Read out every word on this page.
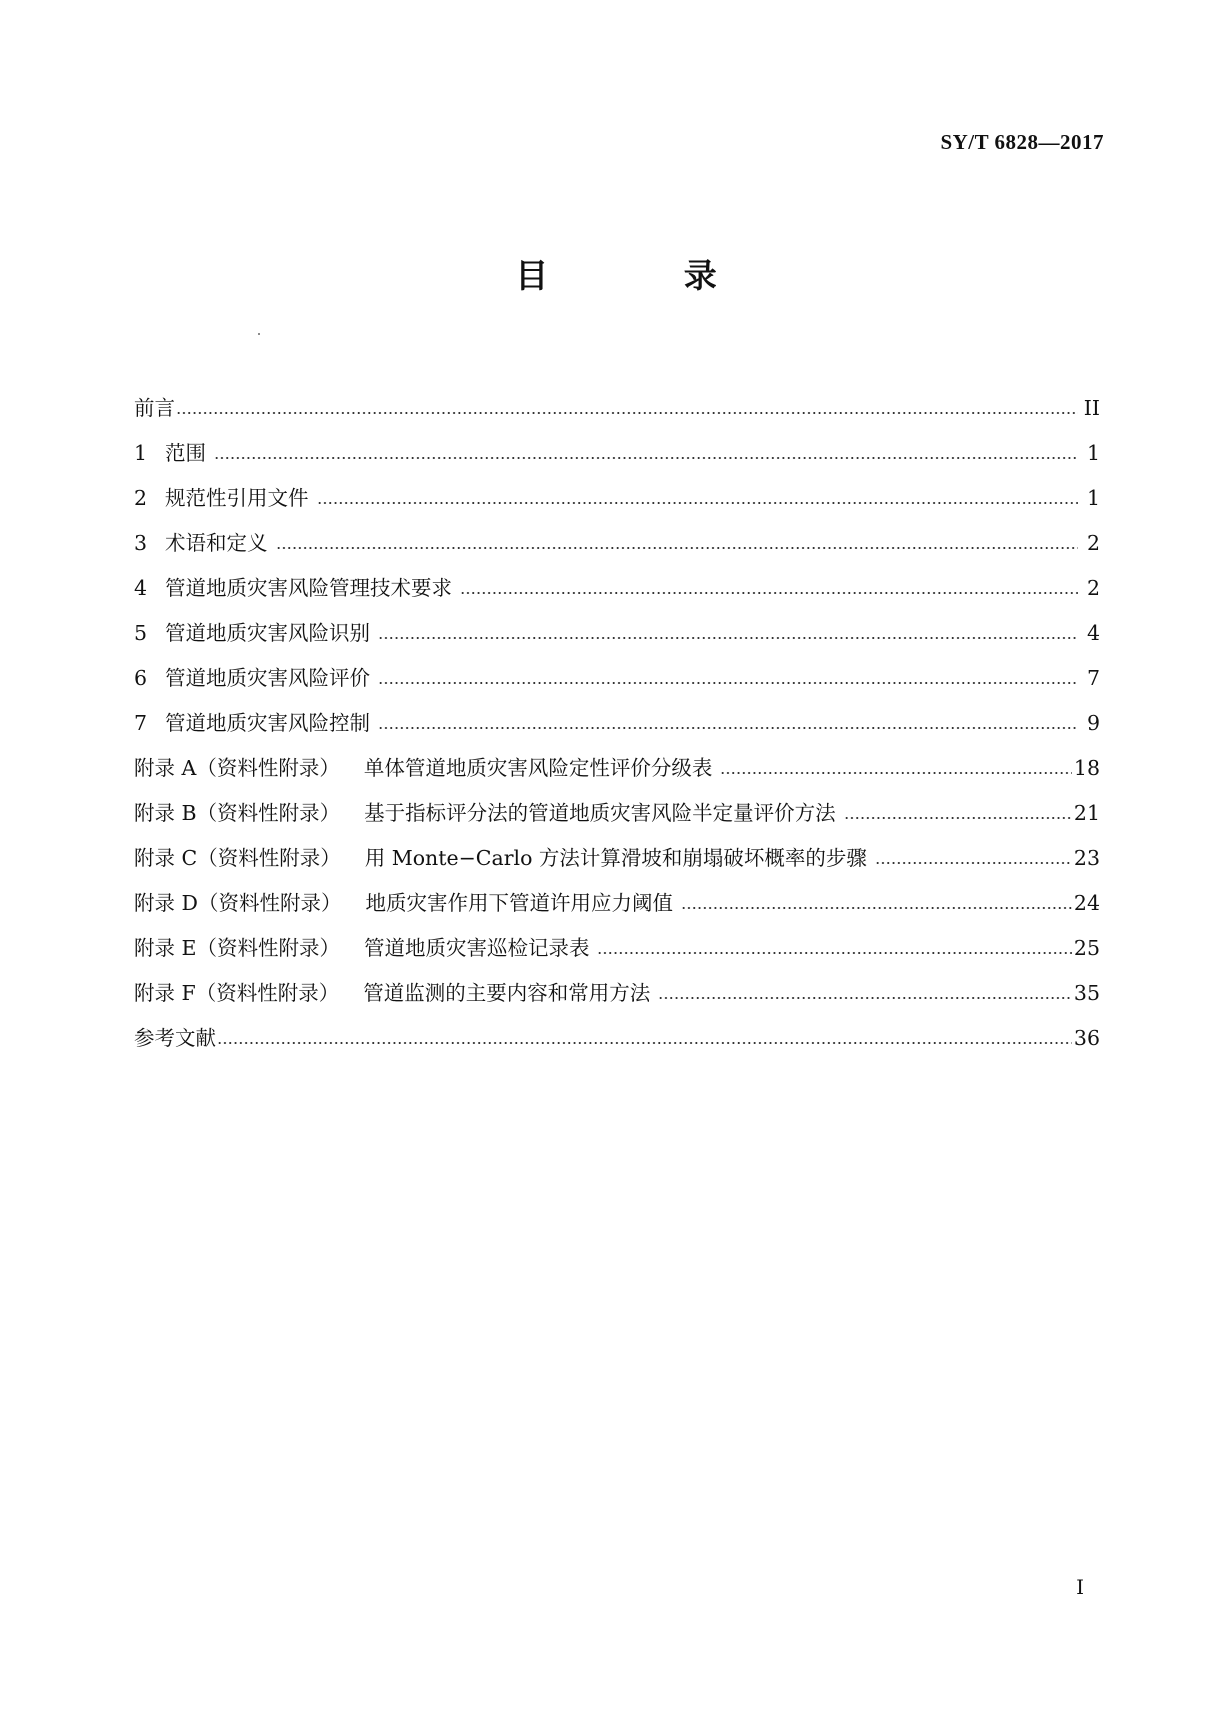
SY/T 6828—2017
目 录
前言	II
1 范围	1
2 规范性引用文件	1
3 术语和定义	2
4 管道地质灾害风险管理技术要求	2
5 管道地质灾害风险识别	4
6 管道地质灾害风险评价	7
7 管道地质灾害风险控制	9
附录 A（资料性附录） 单体管道地质灾害风险定性评价分级表	18
附录 B（资料性附录） 基于指标评分法的管道地质灾害风险半定量评价方法	21
附录 C（资料性附录） 用 Monte−Carlo 方法计算滑坡和崩塌破坏概率的步骤	23
附录 D（资料性附录） 地质灾害作用下管道许用应力阈值	24
附录 E（资料性附录） 管道地质灾害巡检记录表	25
附录 F（资料性附录） 管道监测的主要内容和常用方法	35
参考文献	36
I
